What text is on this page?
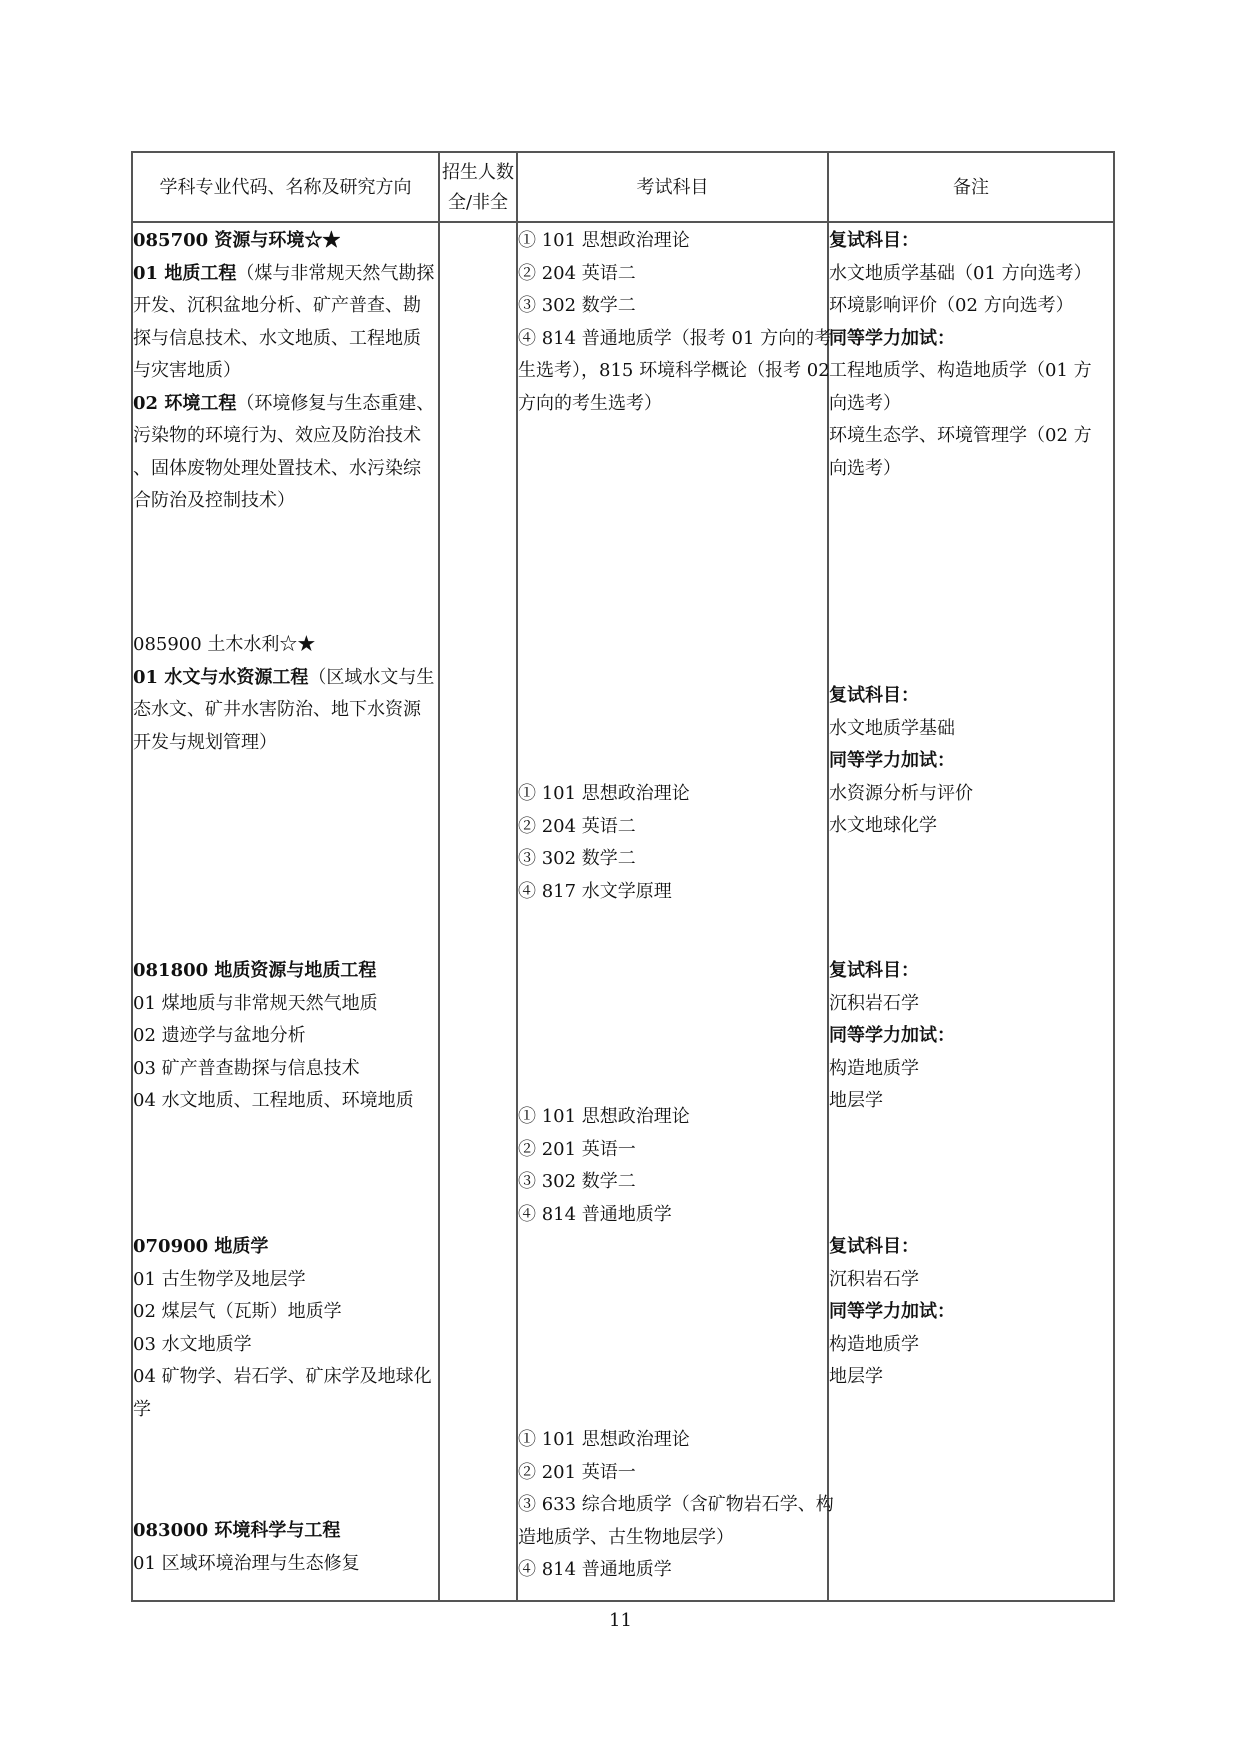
学科专业代码、名称及研究方向
招生人数
全/非全
考试科目	备注
085700 资源与环境☆★
01 地质工程（煤与非常规天然气勘探
开发、沉积盆地分析、矿产普查、勘
探与信息技术、水文地质、工程地质
与灾害地质）
02 环境工程（环境修复与生态重建、
污染物的环境行为、效应及防治技术
、固体废物处理处置技术、水污染综
合防治及控制技术）
085900 土木水利☆★
01 水文与水资源工程（区域水文与生
态水文、矿井水害防治、地下水资源
开发与规划管理）
081800 地质资源与地质工程
01 煤地质与非常规天然气地质
02 遗迹学与盆地分析
03 矿产普查勘探与信息技术
04 水文地质、工程地质、环境地质
070900 地质学
01 古生物学及地层学
02 煤层气（瓦斯）地质学
03 水文地质学
04 矿物学、岩石学、矿床学及地球化
学
083000 环境科学与工程
01 区域环境治理与生态修复
① 101 思想政治理论
② 204 英语二
③ 302 数学二
④ 814 普通地质学（报考 01 方向的考
生选考），815 环境科学概论（报考 02
方向的考生选考）
① 101 思想政治理论
② 204 英语二
③ 302 数学二
④ 817 水文学原理
① 101 思想政治理论
② 201 英语一
③ 302 数学二
④ 814 普通地质学
① 101 思想政治理论
② 201 英语一
③ 633 综合地质学（含矿物岩石学、构
造地质学、古生物地层学）
④ 814 普通地质学
复试科目：
水文地质学基础（01 方向选考）
环境影响评价（02 方向选考）
同等学力加试：
工程地质学、构造地质学（01 方
向选考）
环境生态学、环境管理学（02 方
向选考）
复试科目：
水文地质学基础
同等学力加试：
水资源分析与评价
水文地球化学
复试科目：
沉积岩石学
同等学力加试：
构造地质学
地层学
复试科目：
沉积岩石学
同等学力加试：
构造地质学
地层学
11
